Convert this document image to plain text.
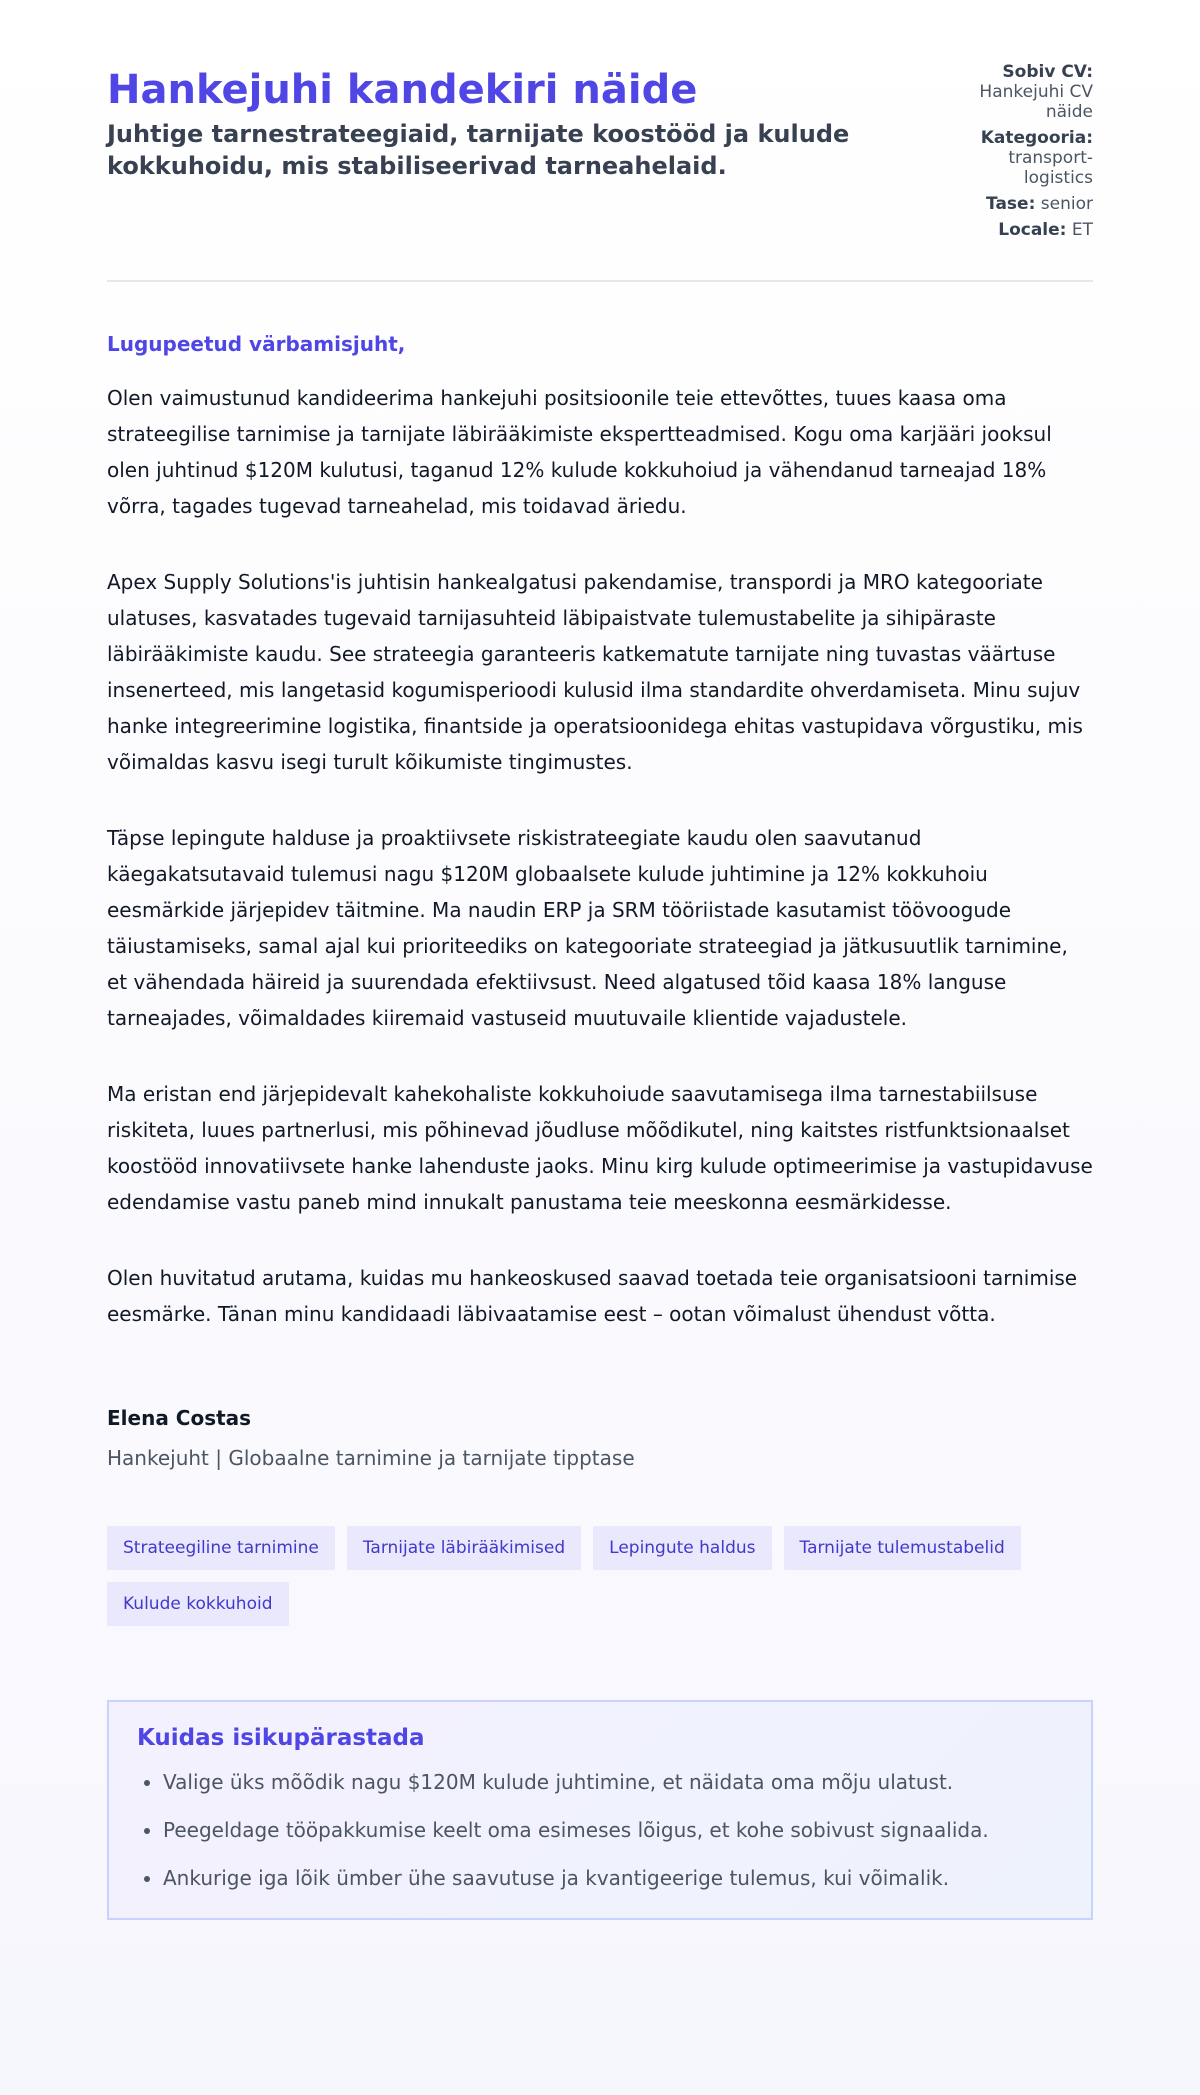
Hankejuhi kandekiri näide
Juhtige tarnestrateegiaid, tarnijate koostööd ja kulude kokkuhoidu, mis stabiliseerivad tarneahelaid.
Sobiv CV: Hankejuhi CV näide
Kategooria: transport-logistics
Tase: senior
Locale: ET

Lugupeetud värbamisjuht,

Olen vaimustunud kandideerima hankejuhi positsioonile teie ettevõttes, tuues kaasa oma strateegilise tarnimise ja tarnijate läbirääkimiste ekspertteadmised. Kogu oma karjääri jooksul olen juhtinud $120M kulutusi, taganud 12% kulude kokkuhoiud ja vähendanud tarneajad 18% võrra, tagades tugevad tarneahelad, mis toidavad äriedu.

Apex Supply Solutions'is juhtisin hankealgatusi pakendamise, transpordi ja MRO kategooriate ulatuses, kasvatades tugevaid tarnijasuhteid läbipaistvate tulemustabelite ja sihipäraste läbirääkimiste kaudu. See strateegia garanteeris katkematute tarnijate ning tuvastas väärtuse insenerteed, mis langetasid kogumisperioodi kulusid ilma standardite ohverdamiseta. Minu sujuv hanke integreerimine logistika, finantside ja operatsioonidega ehitas vastupidava võrgustiku, mis võimaldas kasvu isegi turult kõikumiste tingimustes.

Täpse lepingute halduse ja proaktiivsete riskistrateegiate kaudu olen saavutanud käegakatsutavaid tulemusi nagu $120M globaalsete kulude juhtimine ja 12% kokkuhoiu eesmärkide järjepidev täitmine. Ma naudin ERP ja SRM tööriistade kasutamist töövoogude täiustamiseks, samal ajal kui prioriteediks on kategooriate strateegiad ja jätkusuutlik tarnimine, et vähendada häireid ja suurendada efektiivsust. Need algatused tõid kaasa 18% languse tarneajades, võimaldades kiiremaid vastuseid muutuvaile klientide vajadustele.

Ma eristan end järjepidevalt kahekohaliste kokkuhoiude saavutamisega ilma tarnestabiilsuse riskiteta, luues partnerlusi, mis põhinevad jõudluse mõõdikutel, ning kaitstes ristfunktsionaalset koostööd innovatiivsete hanke lahenduste jaoks. Minu kirg kulude optimeerimise ja vastupidavuse edendamise vastu paneb mind innukalt panustama teie meeskonna eesmärkidesse.

Olen huvitatud arutama, kuidas mu hankeoskused saavad toetada teie organisatsiooni tarnimise eesmärke. Tänan minu kandidaadi läbivaatamise eest – ootan võimalust ühendust võtta.

Elena Costas

Hankejuht | Globaalne tarnimine ja tarnijate tipptase

Strateegiline tarnimine	Tarnijate läbirääkimised	Lepingute haldus	Tarnijate tulemustabelid
Kulude kokkuhoid
Kuidas isikupärastada
• Valige üks mõõdik nagu $120M kulude juhtimine, et näidata oma mõju ulatust.
• Peegeldage tööpakkumise keelt oma esimeses lõigus, et kohe sobivust signaalida.
• Ankurige iga lõik ümber ühe saavutuse ja kvantigeerige tulemus, kui võimalik.
